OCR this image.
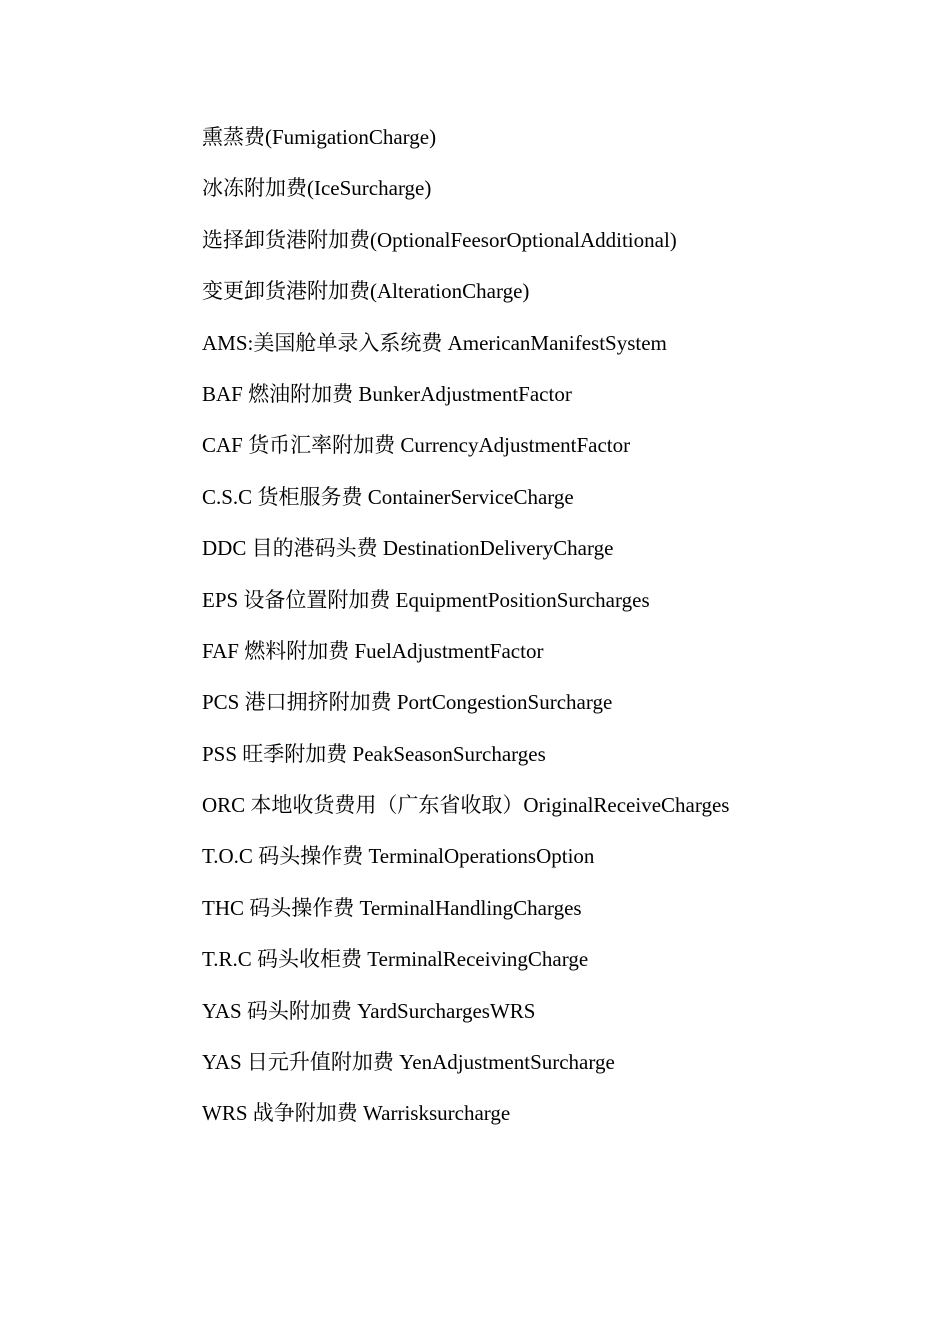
熏蒸费(FumigationCharge)
冰冻附加费(IceSurcharge)
选择卸货港附加费(OptionalFeesorOptionalAdditional)
变更卸货港附加费(AlterationCharge)
AMS:美国舱单录入系统费 AmericanManifestSystem
BAF 燃油附加费 BunkerAdjustmentFactor
CAF 货币汇率附加费 CurrencyAdjustmentFactor
C.S.C 货柜服务费 ContainerServiceCharge
DDC 目的港码头费 DestinationDeliveryCharge
EPS 设备位置附加费 EquipmentPositionSurcharges
FAF 燃料附加费 FuelAdjustmentFactor
PCS 港口拥挤附加费 PortCongestionSurcharge
PSS 旺季附加费 PeakSeasonSurcharges
ORC 本地收货费用（广东省收取）OriginalReceiveCharges
T.O.C 码头操作费 TerminalOperationsOption
THC 码头操作费 TerminalHandlingCharges
T.R.C 码头收柜费 TerminalReceivingCharge
YAS 码头附加费 YardSurchargesWRS
YAS 日元升值附加费 YenAdjustmentSurcharge
WRS 战争附加费 Warrisksurcharge
